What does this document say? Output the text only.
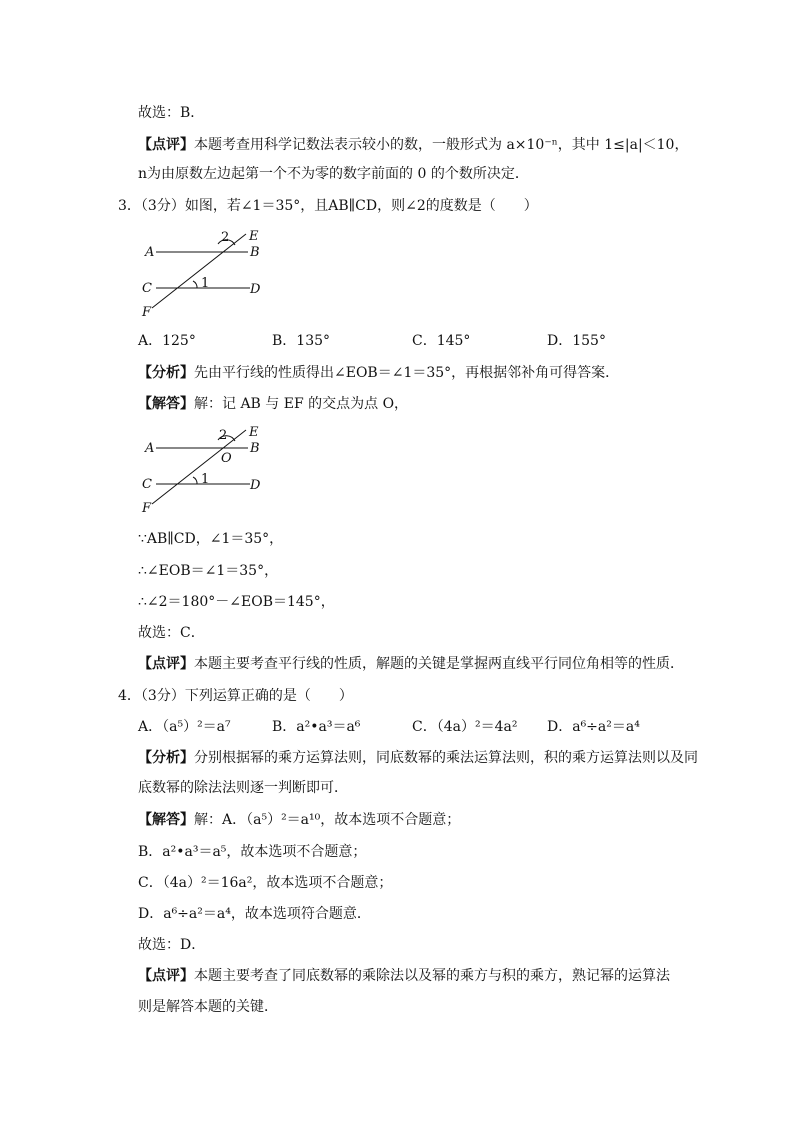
故选：B．
【点评】本题考查用科学记数法表示较小的数，一般形式为 a×10⁻ⁿ，其中 1≤|a|＜10，
n为由原数左边起第一个不为零的数字前面的 0 的个数所决定．
3．（3分）如图，若∠1＝35°，且AB∥CD，则∠2的度数是（　　）
A	B
C	D
E
F
2
1
A．125°	B．135°	C．145°	D．155°
【分析】先由平行线的性质得出∠EOB＝∠1＝35°，再根据邻补角可得答案．
【解答】解：记 AB 与 EF 的交点为点 O，
A	B
C	D
E
F
2
O
1
∵AB∥CD，∠1＝35°，
∴∠EOB＝∠1＝35°，
∴∠2＝180°－∠EOB＝145°，
故选：C．
【点评】本题主要考查平行线的性质，解题的关键是掌握两直线平行同位角相等的性质．
4．（3分）下列运算正确的是（　　）
A．（a⁵）²＝a⁷	B．a²•a³＝a⁶	C．（4a）²＝4a² D．a⁶÷a²＝a⁴
【分析】分别根据幂的乘方运算法则，同底数幂的乘法运算法则，积的乘方运算法则以及同
底数幂的除法法则逐一判断即可．
【解答】解：A．（a⁵）²＝a¹⁰，故本选项不合题意；
B．a²•a³＝a⁵，故本选项不合题意；
C．（4a）²＝16a²，故本选项不合题意；
D．a⁶÷a²＝a⁴，故本选项符合题意．
故选：D．
【点评】本题主要考查了同底数幂的乘除法以及幂的乘方与积的乘方，熟记幂的运算法
则是解答本题的关键．
